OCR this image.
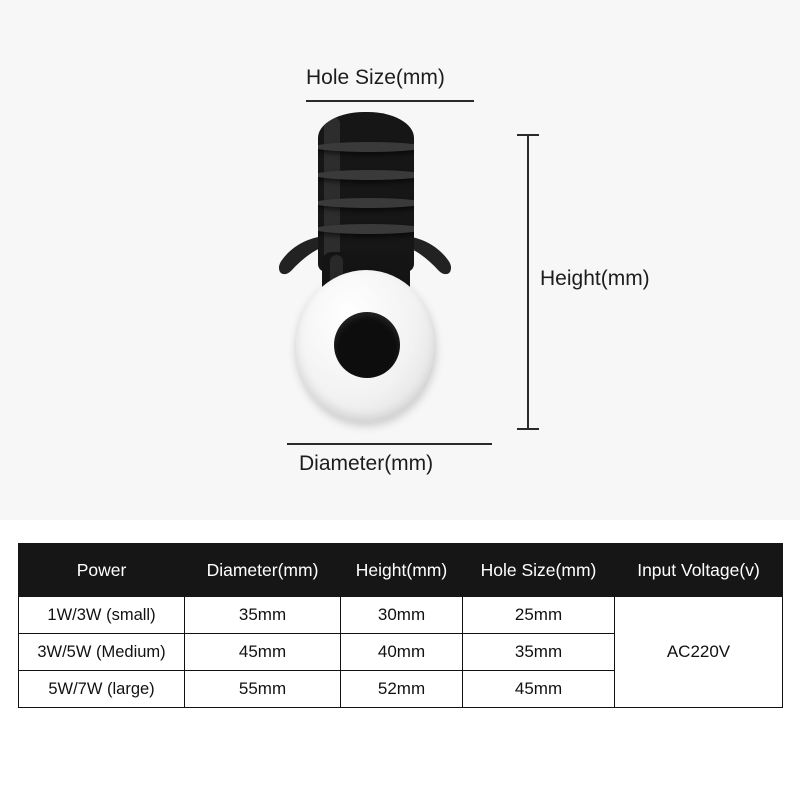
Hole Size(mm)
Height(mm)
Diameter(mm)
Power	Diameter(mm)	Height(mm)	Hole Size(mm)	Input Voltage(v)
1W/3W (small)	35mm	30mm	25mm	AC220V
3W/5W (Medium)	45mm	40mm	35mm	
5W/7W (large)	55mm	52mm	45mm	
